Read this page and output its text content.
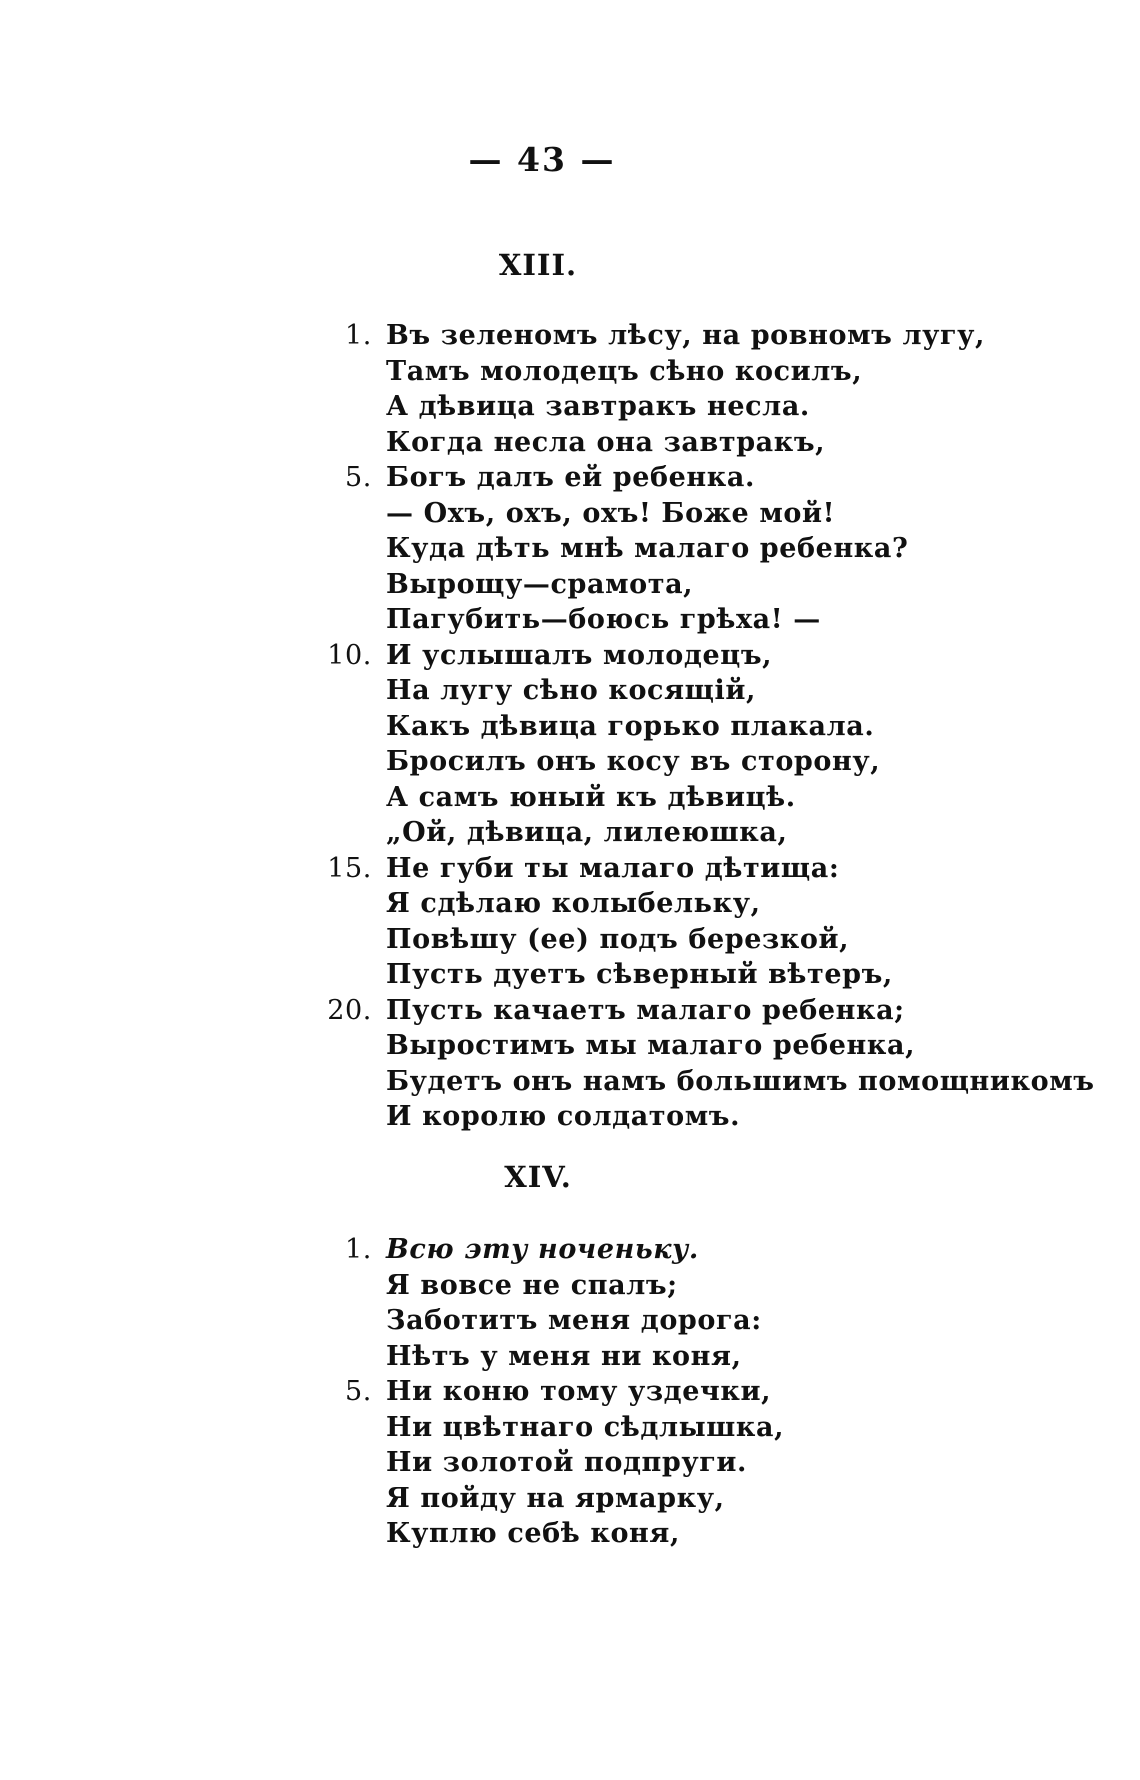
— 43 —
XIII.
1. Въ зеленомъ лѣсу, на ровномъ лугу,
Тамъ молодецъ сѣно косилъ,
А дѣвица завтракъ несла.
Когда несла она завтракъ,
5. Богъ далъ ей ребенка.
— Охъ, охъ, охъ! Боже мой!
Куда дѣть мнѣ малаго ребенка?
Вырощу—срамота,
Пагубить—боюсь грѣха! —
10. И услышалъ молодецъ,
На лугу сѣно косящій,
Какъ дѣвица горько плакала.
Бросилъ онъ косу въ сторону,
А самъ юный къ дѣвицѣ.
„Ой, дѣвица, лилеюшка,
15. Не губи ты малаго дѣтища:
Я сдѣлаю колыбельку,
Повѣшу (ее) подъ березкой,
Пусть дуетъ сѣверный вѣтеръ,
20. Пусть качаетъ малаго ребенка;
Выростимъ мы малаго ребенка,
Будетъ онъ намъ большимъ помощникомъ
И королю солдатомъ.
XIV.
1. Всю эту ноченьку.
Я вовсе не спалъ;
Заботитъ меня дорога:
Нѣтъ у меня ни коня,
5. Ни коню тому уздечки,
Ни цвѣтнаго сѣдлышка,
Ни золотой подпруги.
Я пойду на ярмарку,
Куплю себѣ коня,
